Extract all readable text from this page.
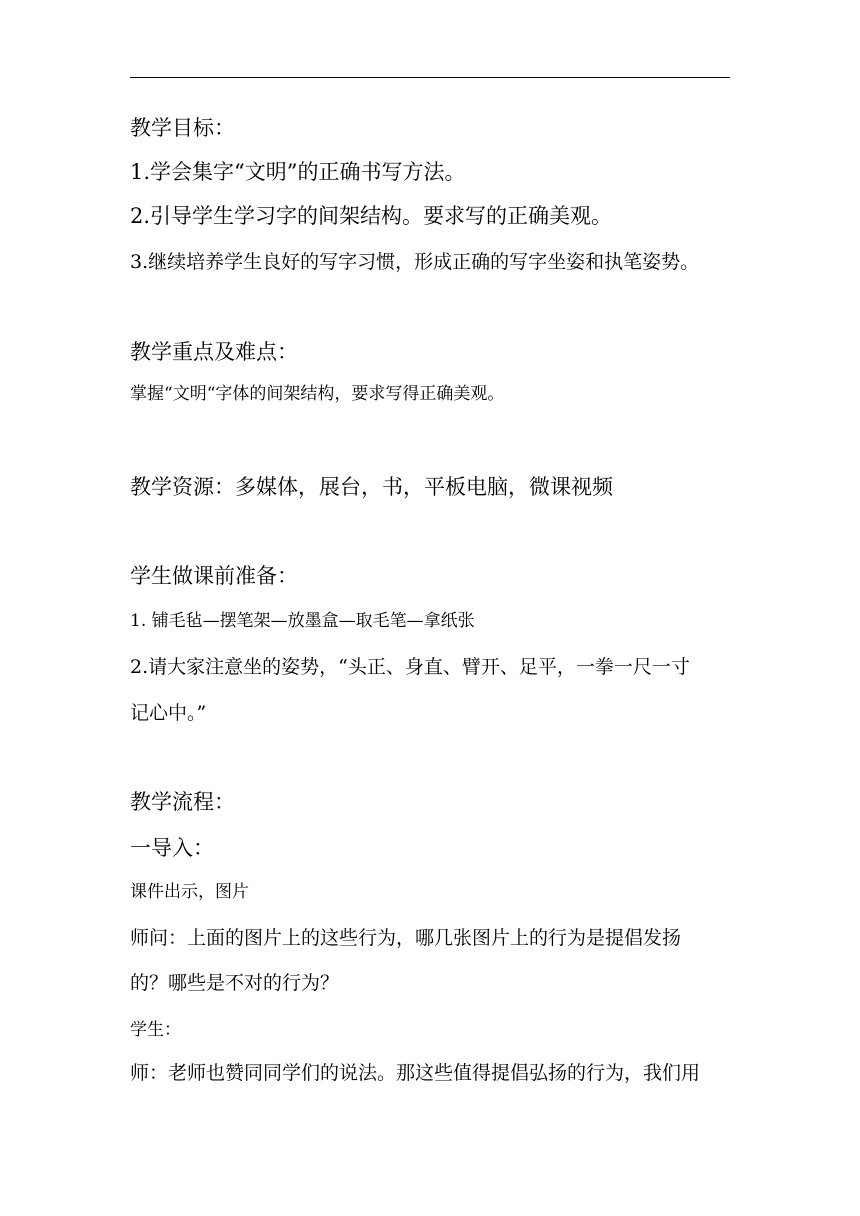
教学目标：
1.学会集字“文明”的正确书写方法。
2.引导学生学习字的间架结构。要求写的正确美观。
3.继续培养学生良好的写字习惯，形成正确的写字坐姿和执笔姿势。
教学重点及难点：
掌握“文明“字体的间架结构，要求写得正确美观。
教学资源：多媒体，展台，书，平板电脑，微课视频
学生做课前准备：
1. 铺毛毡—摆笔架—放墨盒—取毛笔—拿纸张
2.请大家注意坐的姿势，“头正、身直、臂开、足平，一拳一尺一寸
记心中。”
教学流程：
一导入：
课件出示，图片
师问：上面的图片上的这些行为，哪几张图片上的行为是提倡发扬
的？哪些是不对的行为？
学生：
师：老师也赞同同学们的说法。那这些值得提倡弘扬的行为，我们用
